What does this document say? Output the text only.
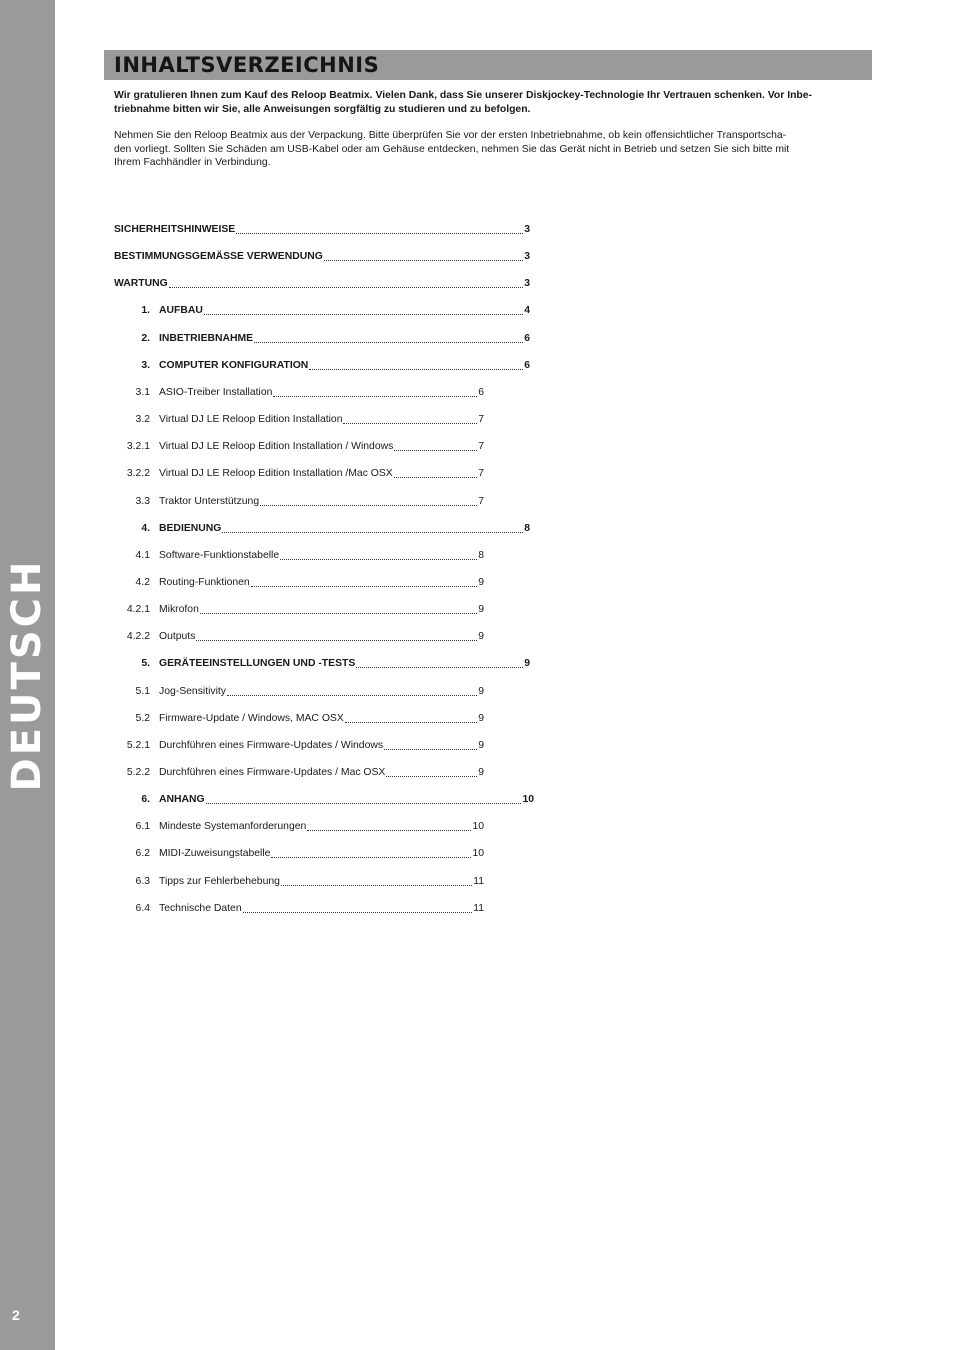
DEUTSCH
2
INHALTSVERZEICHNIS

Wir gratulieren Ihnen zum Kauf des Reloop Beatmix. Vielen Dank, dass Sie unserer Diskjockey-Technologie Ihr Vertrauen schenken. Vor Inbe-

triebnahme bitten wir Sie, alle Anweisungen sorgfältig zu studieren und zu befolgen.

Nehmen Sie den Reloop Beatmix aus der Verpackung. Bitte überprüfen Sie vor der ersten Inbetriebnahme, ob kein offensichtlicher Transportscha-

den vorliegt. Sollten Sie Schäden am USB-Kabel oder am Gehäuse entdecken, nehmen Sie das Gerät nicht in Betrieb und setzen Sie sich bitte mit

Ihrem Fachhändler in Verbindung.

SICHERHEITSHINWEISE	3
BESTIMMUNGSGEMÄSSE VERWENDUNG	3
WARTUNG	3
1. AUFBAU	4
2. INBETRIEBNAHME	6
3. COMPUTER KONFIGURATION	6
3.1 ASIO-Treiber Installation	6
3.2 Virtual DJ LE Reloop Edition Installation	7
3.2.1 Virtual DJ LE Reloop Edition Installation / Windows	7
3.2.2 Virtual DJ LE Reloop Edition Installation /Mac OSX	7
3.3 Traktor Unterstützung	7
4. BEDIENUNG	8
4.1 Software-Funktionstabelle	8
4.2 Routing-Funktionen	9
4.2.1 Mikrofon	9
4.2.2 Outputs	9
5. GERÄTEEINSTELLUNGEN UND -TESTS	9
5.1 Jog-Sensitivity	9
5.2 Firmware-Update / Windows, MAC OSX	9
5.2.1 Durchführen eines Firmware-Updates / Windows	9
5.2.2 Durchführen eines Firmware-Updates / Mac OSX	9
6. ANHANG	10
6.1 Mindeste Systemanforderungen	10
6.2 MIDI-Zuweisungstabelle	10
6.3 Tipps zur Fehlerbehebung	11
6.4 Technische Daten	11
